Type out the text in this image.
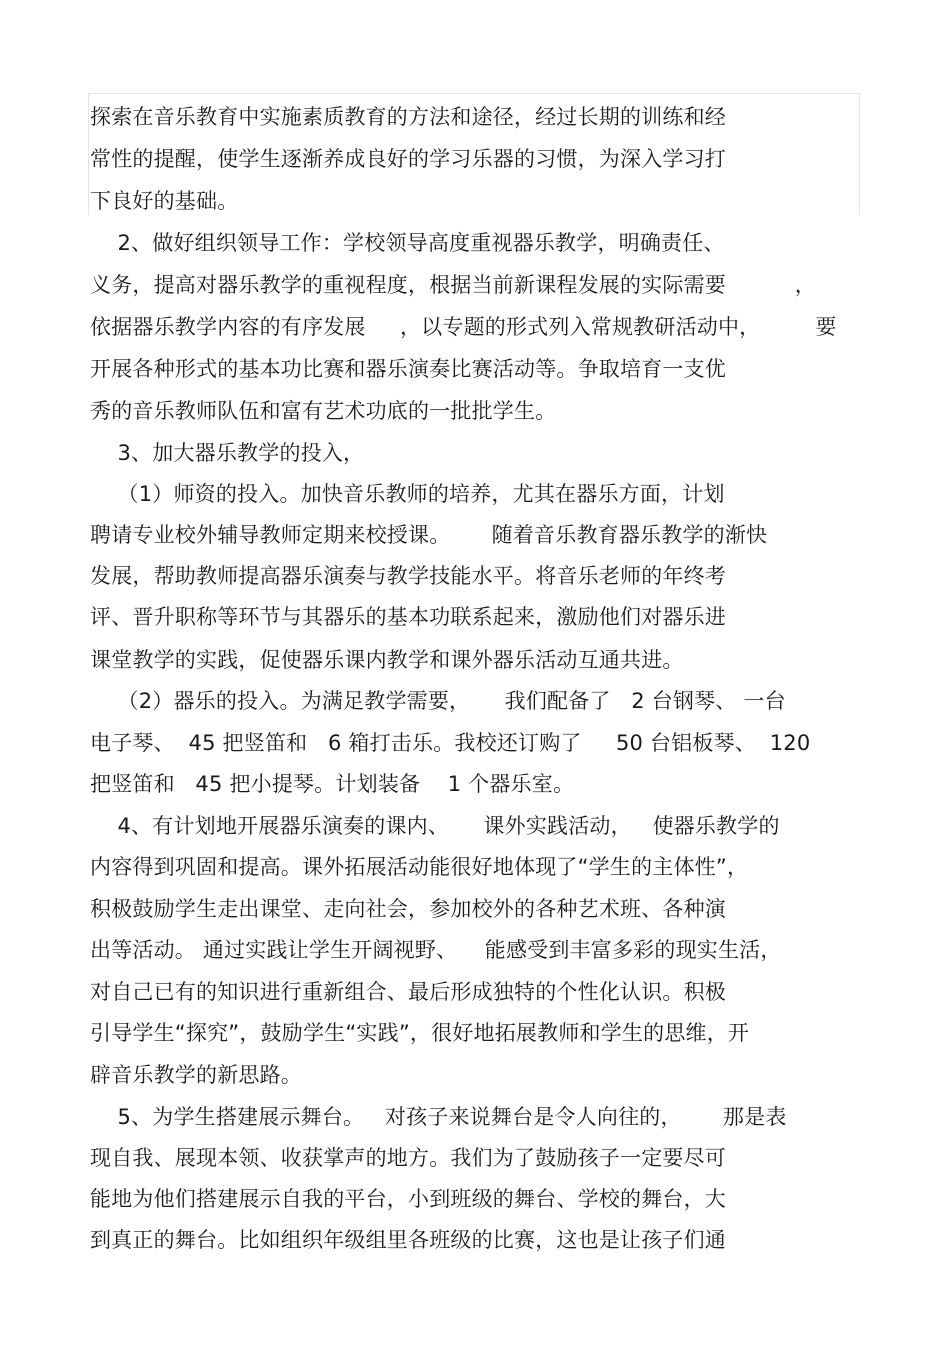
探索在音乐教育中实施素质教育的方法和途径，经过长期的训练和经
常性的提醒，使学生逐渐养成良好的学习乐器的习惯，为深入学习打
下良好的基础。
2、做好组织领导工作：学校领导高度重视器乐教学，明确责任、
义务，提高对器乐教学的重视程度，根据当前新课程发展的实际需要          ，
依据器乐教学内容的有序发展     ，以专题的形式列入常规教研活动中，        要
开展各种形式的基本功比赛和器乐演奏比赛活动等。争取培育一支优
秀的音乐教师队伍和富有艺术功底的一批批学生。
3、加大器乐教学的投入，
（1）师资的投入。加快音乐教师的培养，尤其在器乐方面，计划
聘请专业校外辅导教师定期来校授课。      随着音乐教育器乐教学的渐快
发展，帮助教师提高器乐演奏与教学技能水平。将音乐老师的年终考
评、晋升职称等环节与其器乐的基本功联系起来，激励他们对器乐进
课堂教学的实践，促使器乐课内教学和课外器乐活动互通共进。
（2）器乐的投入。为满足教学需要，     我们配备了   2 台钢琴、 一台
电子琴、  45 把竖笛和   6 箱打击乐。我校还订购了     50 台铝板琴、  120
把竖笛和   45 把小提琴。计划装备    1 个器乐室。
4、有计划地开展器乐演奏的课内、     课外实践活动，   使器乐教学的
内容得到巩固和提高。课外拓展活动能很好地体现了“学生的主体性”，
积极鼓励学生走出课堂、走向社会，参加校外的各种艺术班、各种演
出等活动。 通过实践让学生开阔视野、    能感受到丰富多彩的现实生活，
对自己已有的知识进行重新组合、最后形成独特的个性化认识。积极
引导学生“探究”，鼓励学生“实践”，很好地拓展教师和学生的思维，开
辟音乐教学的新思路。
5、为学生搭建展示舞台。   对孩子来说舞台是令人向往的，      那是表
现自我、展现本领、收获掌声的地方。我们为了鼓励孩子一定要尽可
能地为他们搭建展示自我的平台，小到班级的舞台、学校的舞台，大
到真正的舞台。比如组织年级组里各班级的比赛，这也是让孩子们通
